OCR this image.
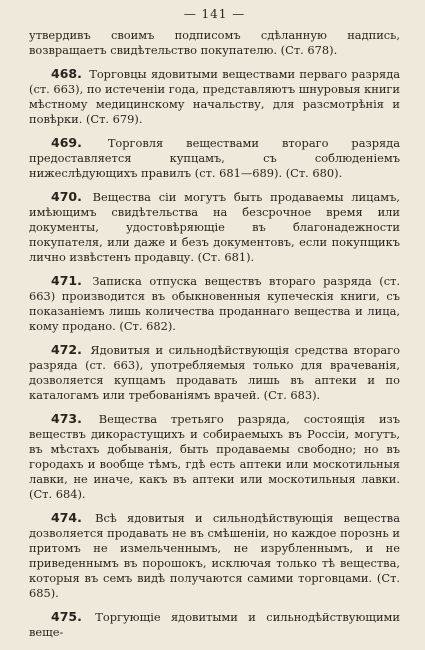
— 141 —

утвердивъ своимъ подписомъ сдѣланную надпись, возвращаетъ свидѣтельство покупателю. (Ст. 678).

468. Торговцы ядовитыми веществами перваго разряда (ст. 663), по истеченіи года, представляютъ шнуровыя книги мѣстному медицинскому начальству, для разсмотрѣнія и повѣрки. (Ст. 679).

469. Торговля веществами втораго разряда предоставляется купцамъ, съ соблюденіемъ нижеслѣдующихъ правилъ (ст. 681—689). (Ст. 680).

470. Вещества сіи могутъ быть продаваемы лицамъ, имѣющимъ свидѣтельства на безсрочное время или документы, удостовѣряющіе въ благонадежности покупателя, или даже и безъ документовъ, если покупщикъ лично извѣстенъ продавцу. (Ст. 681).

471. Записка отпуска веществъ втораго разряда (ст. 663) производится въ обыкновенныя купеческія книги, съ показаніемъ лишь количества проданнаго вещества и лица, кому продано. (Ст. 682).

472. Ядовитыя и сильнодѣйствующія средства втораго разряда (ст. 663), употребляемыя только для врачеванія, дозволяется купцамъ продавать лишь въ аптеки и по каталогамъ или требованіямъ врачей. (Ст. 683).

473. Вещества третьяго разряда, состоящія изъ веществъ дикорастущихъ и собираемыхъ въ Россіи, могутъ, въ мѣстахъ добыванія, быть продаваемы свободно; но въ городахъ и вообще тѣмъ, гдѣ есть аптеки или москотильныя лавки, не иначе, какъ въ аптеки или москотильныя лавки. (Ст. 684).

474. Всѣ ядовитыя и сильнодѣйствующія вещества дозволяется продавать не въ смѣшеніи, но каждое порознь и притомъ не измельченнымъ, не изрубленнымъ, и не приведеннымъ въ порошокъ, исключая только тѣ вещества, которыя въ семъ видѣ получаются самими торговцами. (Ст. 685).

475. Торгующіе ядовитыми и сильнодѣйствующими веще-
